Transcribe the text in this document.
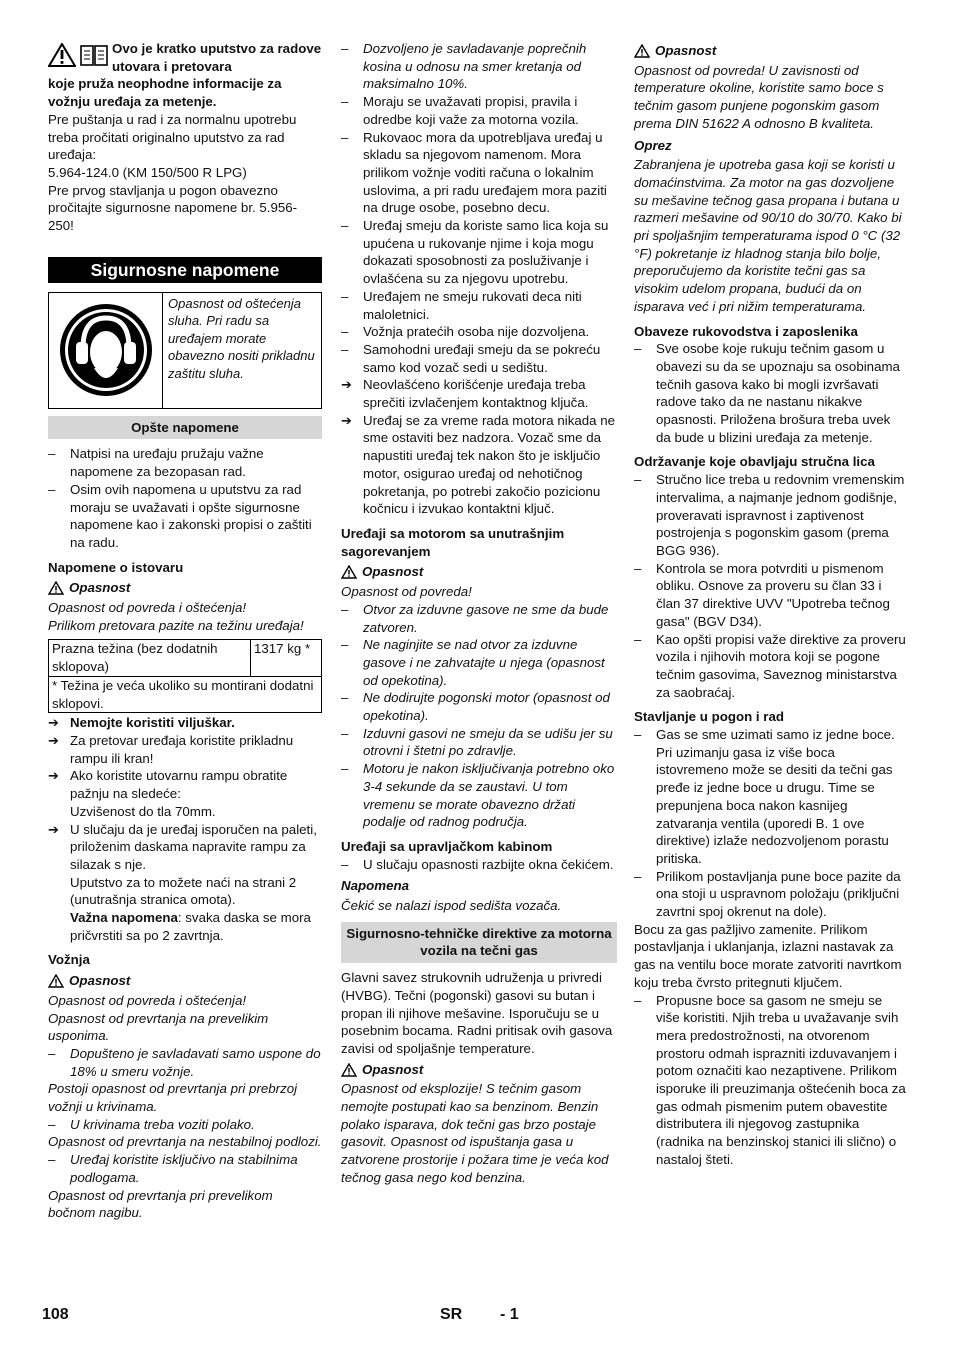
Ovo je kratko uputstvo za radove utovara i pretovara

koje pruža neophodne informacije za vožnju uređaja za metenje.

Pre puštanja u rad i za normalnu upotrebu treba pročitati originalno uputstvo za rad uređaja:

5.964-124.0 (KM 150/500 R LPG)

Pre prvog stavljanja u pogon obavezno pročitajte sigurnosne napomene br. 5.956-250!

Sigurnosne napomene
Opasnost od oštećenja sluha. Pri radu sa uređajem morate obavezno nositi prikladnu zaštitu sluha.
Opšte napomene
–	Natpisi na uređaju pružaju važne napomene za bezopasan rad.
–	Osim ovih napomena u uputstvu za rad moraju se uvažavati i opšte sigurnosne napomene kao i zakonski propisi o zaštiti na radu.

Napomene o istovaru

Opasnost

Opasnost od povreda i oštećenja!

Prilikom pretovara pazite na težinu uređaja!

Prazna težina (bez dodatnih sklopova)	1317 kg *
* Težina je veća ukoliko su montirani dodatni sklopovi.
➔ Nemojte koristiti viljuškar.
➔ Za pretovar uređaja koristite prikladnu rampu ili kran!
➔ Ako koristite utovarnu rampu obratite pažnju na sledeće:

Uzvišenost do tla 70mm.

➔ U slučaju da je uređaj isporučen na paleti, priloženim daskama napravite rampu za silazak s nje.

Uputstvo za to možete naći na strani 2 (unutrašnja stranica omota).

Važna napomena: svaka daska se mora pričvrstiti sa po 2 zavrtnja.

Vožnja

Opasnost

Opasnost od povreda i oštećenja!

Opasnost od prevrtanja na prevelikim usponima.

–	Dopušteno je savladavati samo uspone do 18% u smeru vožnje.

Postoji opasnost od prevrtanja pri prebrzoj vožnji u krivinama.

–	U krivinama treba voziti polako.

Opasnost od prevrtanja na nestabilnoj podlozi.

–	Uređaj koristite isključivo na stabilnima podlogama.

Opasnost od prevrtanja pri prevelikom bočnom nagibu.

–	Dozvoljeno je savladavanje poprečnih kosina u odnosu na smer kretanja od maksimalno 10%.
–	Moraju se uvažavati propisi, pravila i odredbe koji važe za motorna vozila.
–	Rukovaoc mora da upotrebljava uređaj u skladu sa njegovom namenom. Mora prilikom vožnje voditi računa o lokalnim uslovima, a pri radu uređajem mora paziti na druge osobe, posebno decu.
–	Uređaj smeju da koriste samo lica koja su upućena u rukovanje njime i koja mogu dokazati sposobnosti za posluživanje i ovlašćena su za njegovu upotrebu.
–	Uređajem ne smeju rukovati deca niti maloletnici.
–	Vožnja pratećih osoba nije dozvoljena.
–	Samohodni uređaji smeju da se pokreću samo kod vozač sedi u sedištu.
➔ Neovlašćeno korišćenje uređaja treba sprečiti izvlačenjem kontaktnog ključa.
➔ Uređaj se za vreme rada motora nikada ne sme ostaviti bez nadzora. Vozač sme da napustiti uređaj tek nakon što je isključio motor, osigurao uređaj od nehotičnog pokretanja, po potrebi zakočio pozicionu kočnicu i izvukao kontaktni ključ.

Uređaji sa motorom sa unutrašnjim sagorevanjem

Opasnost

Opasnost od povreda!

–	Otvor za izduvne gasove ne sme da bude zatvoren.
–	Ne naginjite se nad otvor za izduvne gasove i ne zahvatajte u njega (opasnost od opekotina).
–	Ne dodirujte pogonski motor (opasnost od opekotina).
–	Izduvni gasovi ne smeju da se udišu jer su otrovni i štetni po zdravlje.
–	Motoru je nakon isključivanja potrebno oko 3-4 sekunde da se zaustavi. U tom vremenu se morate obavezno držati podalje od radnog područja.

Uređaji sa upravljačkom kabinom

–	U slučaju opasnosti razbijte okna čekićem.

Napomena

Čekić se nalazi ispod sedišta vozača.

Sigurnosno-tehničke direktive za motorna vozila na tečni gas

Glavni savez strukovnih udruženja u privredi (HVBG). Tečni (pogonski) gasovi su butan i propan ili njihove mešavine. Isporučuju se u posebnim bocama. Radni pritisak ovih gasova zavisi od spoljašnje temperature.

Opasnost

Opasnost od eksplozije! S tečnim gasom nemojte postupati kao sa benzinom. Benzin polako isparava, dok tečni gas brzo postaje gasovit. Opasnost od ispuštanja gasa u zatvorene prostorije i požara time je veća kod tečnog gasa nego kod benzina.

Opasnost

Opasnost od povreda! U zavisnosti od temperature okoline, koristite samo boce s tečnim gasom punjene pogonskim gasom prema DIN 51622 A odnosno B kvaliteta.

Oprez

Zabranjena je upotreba gasa koji se koristi u domaćinstvima. Za motor na gas dozvoljene su mešavine tečnog gasa propana i butana u razmeri mešavine od 90/10 do 30/70. Kako bi pri spoljašnjim temperaturama ispod 0 °C (32 °F) pokretanje iz hladnog stanja bilo bolje, preporučujemo da koristite tečni gas sa visokim udelom propana, budući da on isparava već i pri nižim temperaturama.

Obaveze rukovodstva i zaposlenika

–	Sve osobe koje rukuju tečnim gasom u obavezi su da se upoznaju sa osobinama tečnih gasova kako bi mogli izvršavati radove tako da ne nastanu nikakve opasnosti. Priložena brošura treba uvek da bude u blizini uređaja za metenje.

Održavanje koje obavljaju stručna lica

–	Stručno lice treba u redovnim vremenskim intervalima, a najmanje jednom godišnje, proveravati ispravnost i zaptivenost postrojenja s pogonskim gasom (prema BGG 936).
–	Kontrola se mora potvrditi u pismenom obliku. Osnove za proveru su član 33 i član 37 direktive UVV "Upotreba tečnog gasa" (BGV D34).
–	Kao opšti propisi važe direktive za proveru vozila i njihovih motora koji se pogone tečnim gasovima, Saveznog ministarstva za saobraćaj.

Stavljanje u pogon i rad

–	Gas se sme uzimati samo iz jedne boce. Pri uzimanju gasa iz više boca istovremeno može se desiti da tečni gas pređe iz jedne boce u drugu. Time se prepunjena boca nakon kasnijeg zatvaranja ventila (uporedi B. 1 ove direktive) izlaže nedozvoljenom porastu pritiska.
–	Prilikom postavljanja pune boce pazite da ona stoji u uspravnom položaju (priključni zavrtni spoj okrenut na dole).

Bocu za gas pažljivo zamenite. Prilikom postavljanja i uklanjanja, izlazni nastavak za gas na ventilu boce morate zatvoriti navrtkom koju treba čvrsto pritegnuti ključem.

–	Propusne boce sa gasom ne smeju se više koristiti. Njih treba u uvažavanje svih mera predostrožnosti, na otvorenom prostoru odmah isprazniti izduvavanjem i potom označiti kao nezaptivene. Prilikom isporuke ili preuzimanja oštećenih boca za gas odmah pismenim putem obavestite distributera ili njegovog zastupnika (radnika na benzinskoj stanici ili slično) o nastaloj šteti.
108	SR - 1
